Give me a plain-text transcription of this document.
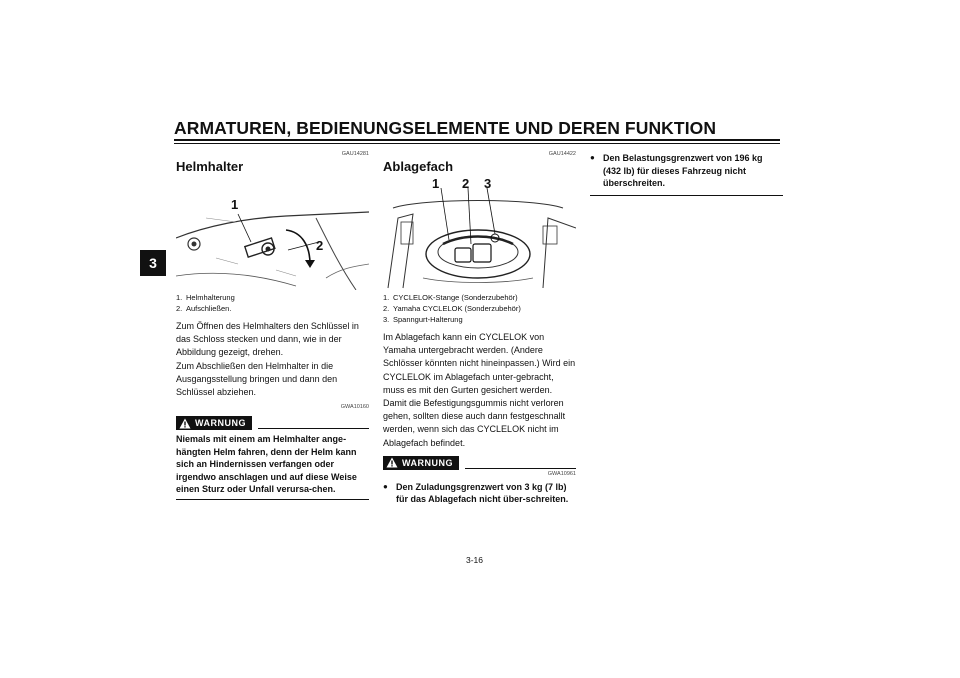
ARMATUREN, BEDIENUNGSELEMENTE UND DEREN FUNKTION
3
GAU14281
Helmhalter
1
2
1. Helmhalterung
2. Aufschließen.

Zum Öffnen des Helmhalters den Schlüssel in das Schloss stecken und dann, wie in der Abbildung gezeigt, drehen.

Zum Abschließen den Helmhalter in die Ausgangsstellung bringen und dann den Schlüssel abziehen.

GWA10160
WARNUNG
Niemals mit einem am Helmhalter ange-hängten Helm fahren, denn der Helm kann sich an Hindernissen verfangen oder irgendwo anschlagen und auf diese Weise einen Sturz oder Unfall verursa-chen.
GAU14422
Ablagefach
1 2 3
1. CYCLELOK-Stange (Sonderzubehör)
2. Yamaha CYCLELOK (Sonderzubehör)
3. Spanngurt-Halterung

Im Ablagefach kann ein CYCLELOK von Yamaha untergebracht werden. (Andere Schlösser könnten nicht hineinpassen.) Wird ein CYCLELOK im Ablagefach unter-gebracht, muss es mit den Gurten gesichert werden. Damit die Befestigungsgummis nicht verloren gehen, sollten diese auch dann festgeschnallt werden, wenn sich das CYCLELOK nicht im Ablagefach befindet.

WARNUNG
GWA10961
● Den Zuladungsgrenzwert von 3 kg (7 lb) für das Ablagefach nicht über-schreiten.
● Den Belastungsgrenzwert von 196 kg (432 lb) für dieses Fahrzeug nicht überschreiten.
3-16
